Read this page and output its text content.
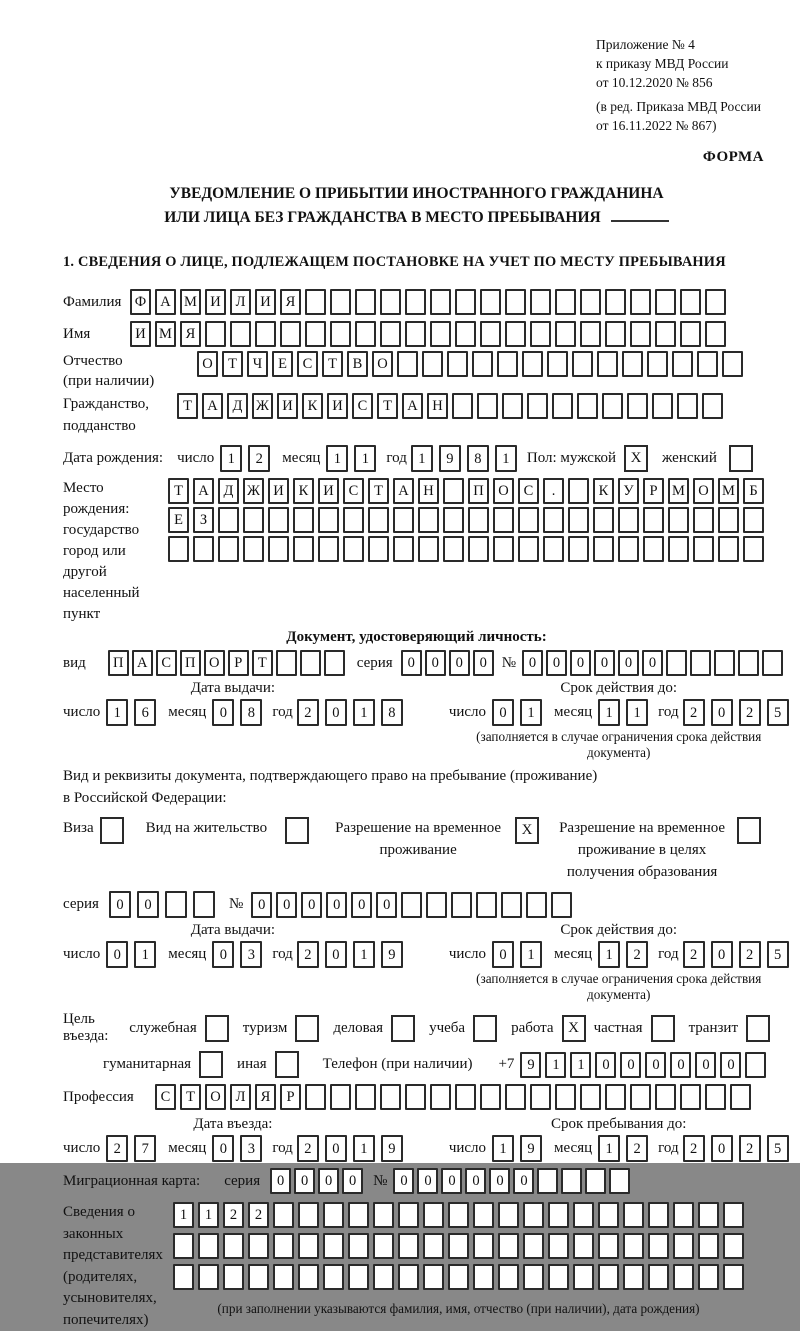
Приложение № 4
к приказу МВД России
от 10.12.2020 № 856
(в ред. Приказа МВД России
от 16.11.2022 № 867)
ФОРМА
УВЕДОМЛЕНИЕ О ПРИБЫТИИ ИНОСТРАННОГО ГРАЖДАНИНА
ИЛИ ЛИЦА БЕЗ ГРАЖДАНСТВА В МЕСТО ПРЕБЫВАНИЯ
1. СВЕДЕНИЯ О ЛИЦЕ, ПОДЛЕЖАЩЕМ ПОСТАНОВКЕ НА УЧЕТ ПО МЕСТУ ПРЕБЫВАНИЯ
Фамилия Ф А М И	Л	И	Я
Имя	И М Я
Отчество
(при наличии)
О	Т	Ч	Е	С	Т	В	О
Гражданство,
подданство
Т	А	Д Ж И	К	И	С	Т	А	Н
Дата рождения: число 1	2	месяц 1	1	год 1	9	8	1	Пол: мужской X	женский
Место рождения:
государство
город или другой
населенный пункт
Т	А	Д Ж И	К	И	С	Т	А	Н	П	О	С	.	К	У	Р	М О М Б
Е	З
Документ, удостоверяющий личность:
вид	П А С П О	Р	Т	серия	0	0	0	0 № 0	0	0	0	0	0
Дата выдачи:
число 1	6	месяц 0	8	год 2	0	1	8
Срок действия до:
число 0	1	месяц 1	1	год 2	0	2	5
(заполняется в случае ограничения срока действия документа)
Вид и реквизиты документа, подтверждающего право на пребывание (проживание)
в Российской Федерации:
Виза	Вид на жительство	Разрешение на временное
проживание
X	Разрешение на временное
проживание в целях
получения образования
серия	0	0	№	0	0	0	0	0	0
Дата выдачи:
число 0	1	месяц 0	3	год 2	0	1	9
Срок действия до:
число 0	1	месяц 1	2	год 2	0	2	5
(заполняется в случае ограничения срока действия документа)
Цель въезда:
служебная	туризм	деловая	учеба	работа X частная	транзит
гуманитарная	иная	Телефон (при наличии) +7 9	1	1	0	0	0	0	0	0
Профессия	С	Т	О	Л	Я	Р
Дата въезда:
число 2	7	месяц 0	3	год 2	0	1	9
Срок пребывания до:
число 1	9	месяц 1	2	год 2	0	2	5
Миграционная карта: серия	0	0	0	0	№ 0	0	0	0	0	0
Сведения о
законных
представителях
(родителях,
усыновителях,
попечителях)
1	1	2	2
(при заполнении указываются фамилия, имя, отчество (при наличии), дата рождения)
